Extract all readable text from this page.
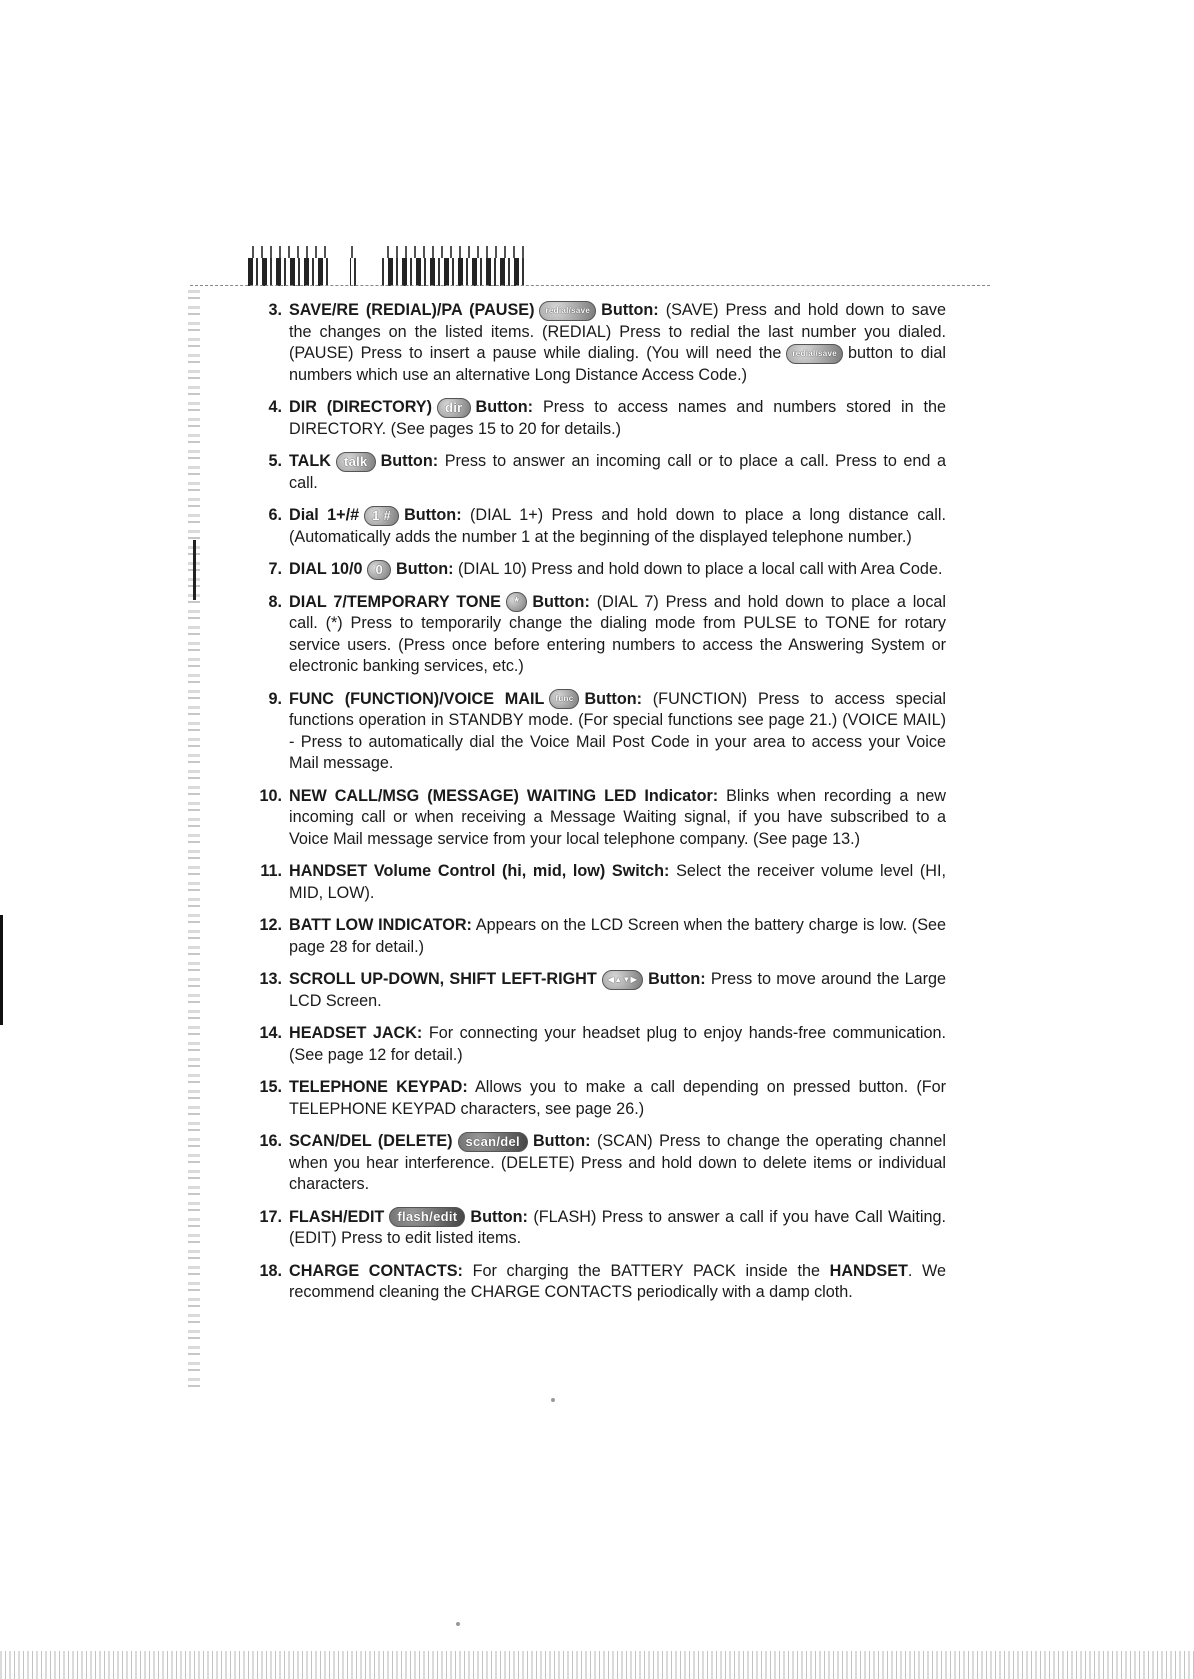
3. SAVE/RE (REDIAL)/PA (PAUSE) redial/save Button: (SAVE) Press and hold down to save the changes on the listed items. (REDIAL) Press to redial the last number you dialed. (PAUSE) Press to insert a pause while dialing. (You will need the redial/save button to dial numbers which use an alternative Long Distance Access Code.)
4. DIR (DIRECTORY) dir Button: Press to access names and numbers stored in the DIRECTORY. (See pages 15 to 20 for details.)
5. TALK talk Button: Press to answer an incoming call or to place a call. Press to end a call.
6. Dial 1+/# 1 # Button: (DIAL 1+) Press and hold down to place a long distance call. (Automatically adds the number 1 at the beginning of the displayed telephone number.)
7. DIAL 10/0 0 Button: (DIAL 10) Press and hold down to place a local call with Area Code.
8. DIAL 7/TEMPORARY TONE * Button: (DIAL 7) Press and hold down to place a local call. (*) Press to temporarily change the dialing mode from PULSE to TONE for rotary service users. (Press once before entering numbers to access the Answering System or electronic banking services, etc.)
9. FUNC (FUNCTION)/VOICE MAIL func Button: (FUNCTION) Press to access special functions operation in STANDBY mode. (For special functions see page 21.) (VOICE MAIL) - Press to automatically dial the Voice Mail Post Code in your area to access your Voice Mail message.
10. NEW CALL/MSG (MESSAGE) WAITING LED Indicator: Blinks when recording a new incoming call or when receiving a Message Waiting signal, if you have subscribed to a Voice Mail message service from your local telephone company. (See page 13.)
11. HANDSET Volume Control (hi, mid, low) Switch: Select the receiver volume level (HI, MID, LOW).
12. BATT LOW INDICATOR: Appears on the LCD Screen when the battery charge is low. (See page 28 for detail.)
13. SCROLL UP-DOWN, SHIFT LEFT-RIGHT ◀▲▼▶ Button: Press to move around the Large LCD Screen.
14. HEADSET JACK: For connecting your headset plug to enjoy hands-free communication. (See page 12 for detail.)
15. TELEPHONE KEYPAD: Allows you to make a call depending on pressed button. (For TELEPHONE KEYPAD characters, see page 26.)
16. SCAN/DEL (DELETE) scan/del Button: (SCAN) Press to change the operating channel when you hear interference. (DELETE) Press and hold down to delete items or individual characters.
17. FLASH/EDIT flash/edit Button: (FLASH) Press to answer a call if you have Call Waiting. (EDIT) Press to edit listed items.
18. CHARGE CONTACTS: For charging the BATTERY PACK inside the HANDSET. We recommend cleaning the CHARGE CONTACTS periodically with a damp cloth.
